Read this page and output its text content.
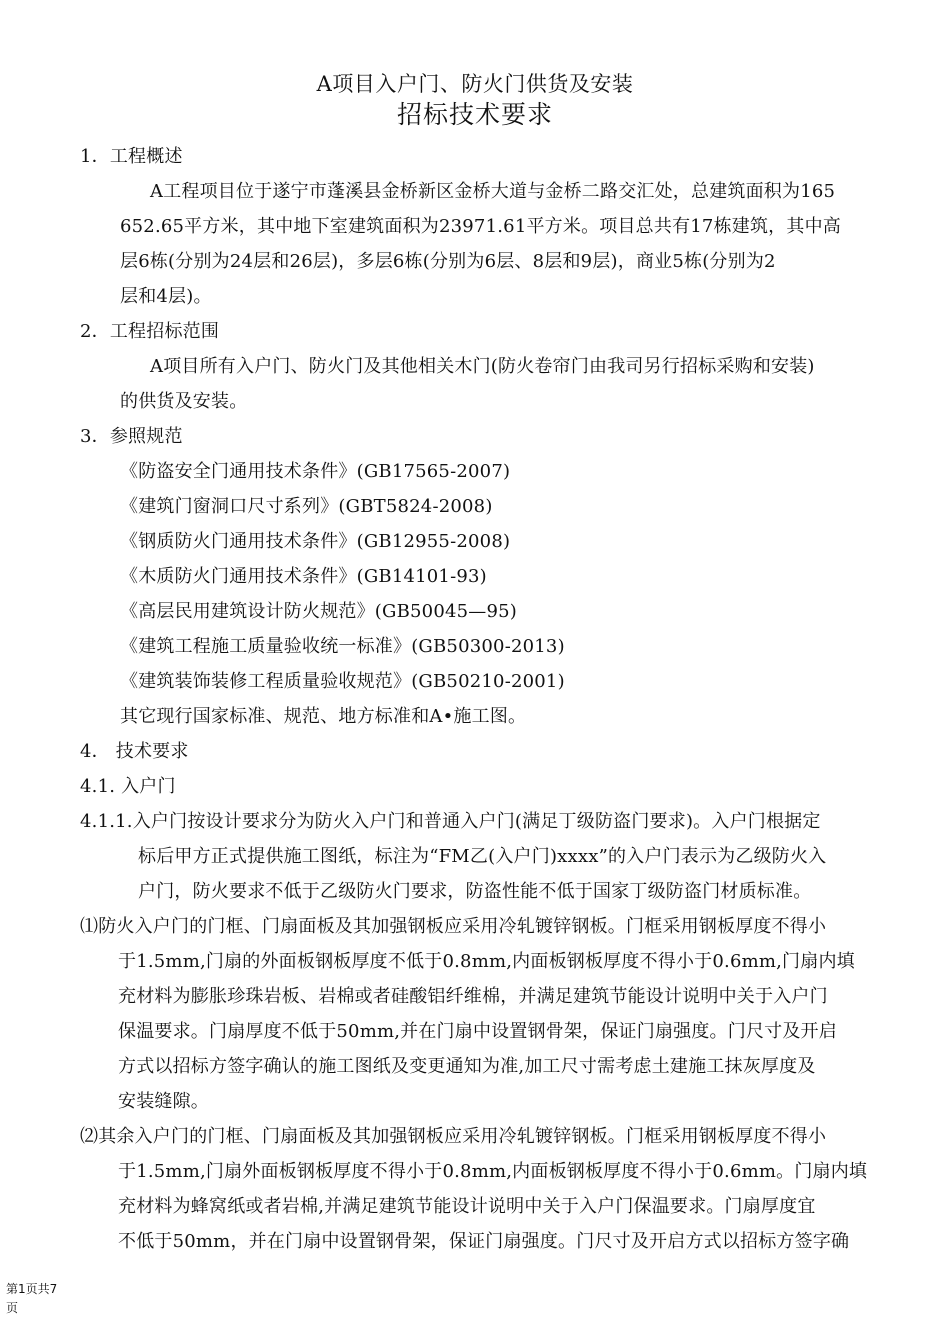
A项目入户门、防火门供货及安装
招标技术要求
1．工程概述
A工程项目位于遂宁市蓬溪县金桥新区金桥大道与金桥二路交汇处，总建筑面积为165
652.65平方米，其中地下室建筑面积为23971.61平方米。项目总共有17栋建筑，其中高
层6栋(分别为24层和26层)，多层6栋(分别为6层、8层和9层)，商业5栋(分别为2
层和4层)。
2．工程招标范围
A项目所有入户门、防火门及其他相关木门(防火卷帘门由我司另行招标采购和安装)
的供货及安装。
3．参照规范
《防盗安全门通用技术条件》(GB17565-2007)
《建筑门窗洞口尺寸系列》(GBT5824-2008)
《钢质防火门通用技术条件》(GB12955-2008)
《木质防火门通用技术条件》(GB14101-93)
《高层民用建筑设计防火规范》(GB50045—95)
《建筑工程施工质量验收统一标准》(GB50300-2013)
《建筑装饰装修工程质量验收规范》(GB50210-2001)
其它现行国家标准、规范、地方标准和A•施工图。
4． 技术要求
4.1. 入户门
4.1.1.入户门按设计要求分为防火入户门和普通入户门(满足丁级防盗门要求)。入户门根据定
标后甲方正式提供施工图纸，标注为“FM乙(入户门)xxxx”的入户门表示为乙级防火入
户门，防火要求不低于乙级防火门要求，防盗性能不低于国家丁级防盗门材质标准。
⑴防火入户门的门框、门扇面板及其加强钢板应采用冷轧镀锌钢板。门框采用钢板厚度不得小
于1.5mm,门扇的外面板钢板厚度不低于0.8mm,内面板钢板厚度不得小于0.6mm,门扇内填
充材料为膨胀珍珠岩板、岩棉或者硅酸铝纤维棉，并满足建筑节能设计说明中关于入户门
保温要求。门扇厚度不低于50mm,并在门扇中设置钢骨架，保证门扇强度。门尺寸及开启
方式以招标方签字确认的施工图纸及变更通知为准,加工尺寸需考虑土建施工抹灰厚度及
安装缝隙。
⑵其余入户门的门框、门扇面板及其加强钢板应采用冷轧镀锌钢板。门框采用钢板厚度不得小
于1.5mm,门扇外面板钢板厚度不得小于0.8mm,内面板钢板厚度不得小于0.6mm。门扇内填
充材料为蜂窝纸或者岩棉,并满足建筑节能设计说明中关于入户门保温要求。门扇厚度宜
不低于50mm，并在门扇中设置钢骨架，保证门扇强度。门尺寸及开启方式以招标方签字确
第1页共7
页
